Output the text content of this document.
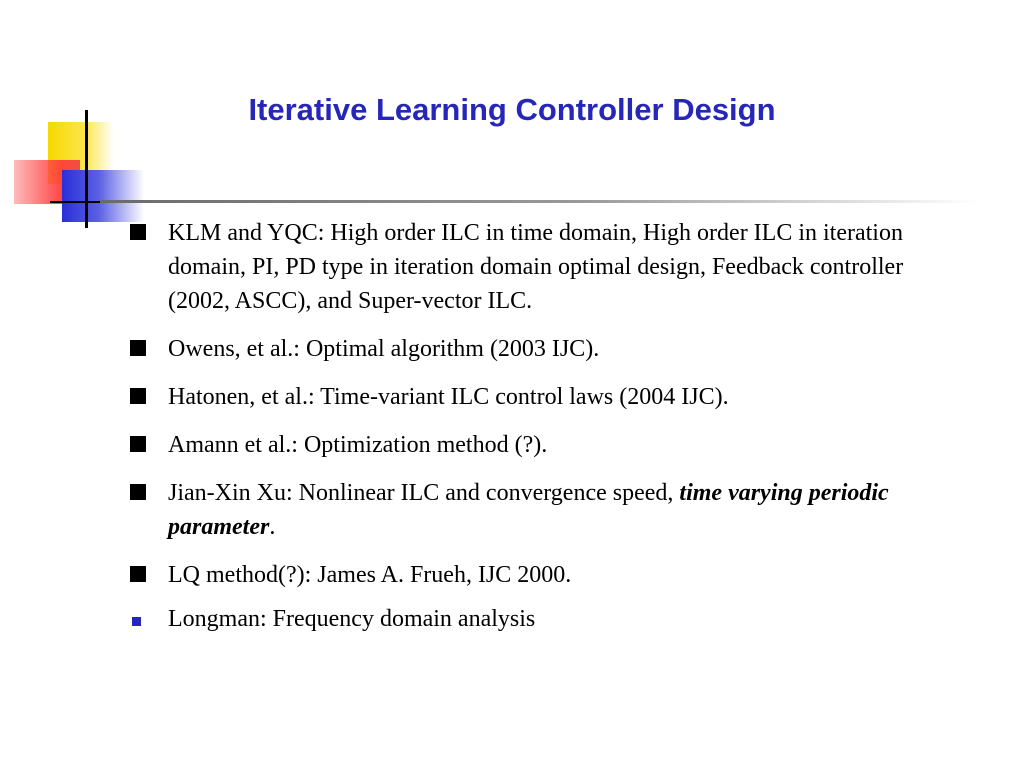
Iterative Learning Controller Design
KLM and YQC: High order ILC in time domain, High order ILC in iteration domain, PI, PD type in iteration domain optimal design, Feedback controller (2002, ASCC), and Super-vector ILC.
Owens, et al.: Optimal algorithm (2003 IJC).
Hatonen, et al.: Time-variant ILC control laws (2004 IJC).
Amann et al.: Optimization method (?).
Jian-Xin Xu: Nonlinear ILC and convergence speed, time varying periodic parameter.
LQ method(?): James A. Frueh, IJC 2000.
Longman: Frequency domain analysis
